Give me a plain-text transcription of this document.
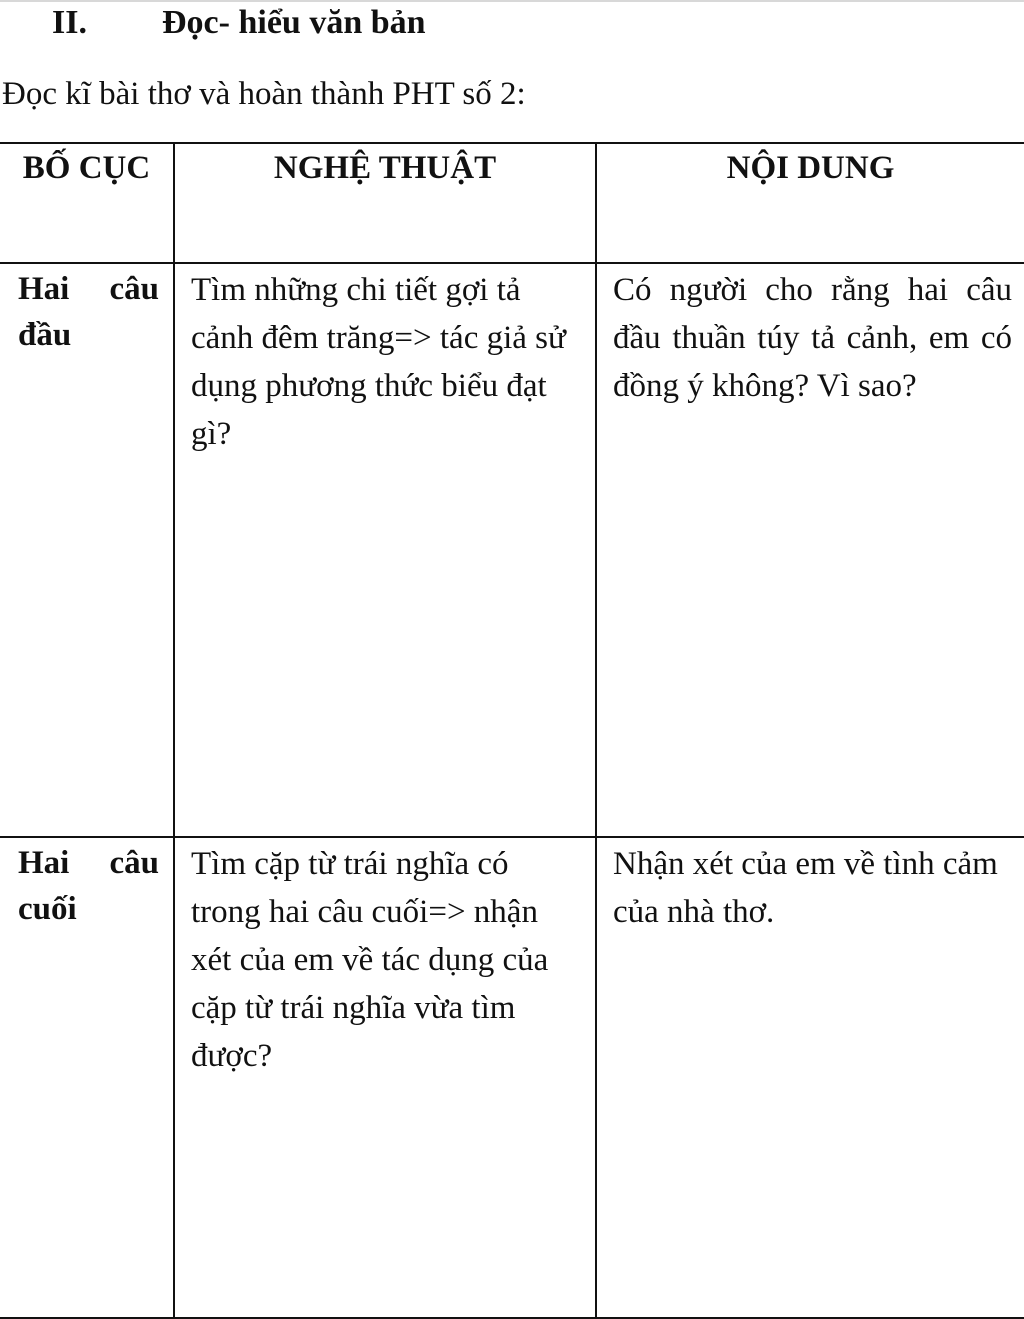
II. Đọc- hiểu văn bản
Đọc kĩ bài thơ và hoàn thành PHT số 2:
BỐ CỤC	NGHỆ THUẬT	NỘI DUNG

Hai câu đầu	Tìm những chi tiết gợi tả cảnh đêm trăng=> tác giả sử dụng phương thức biểu đạt gì?	Có người cho rằng hai câu đầu thuần túy tả cảnh, em có đồng ý không? Vì sao?

Hai câu cuối	Tìm cặp từ trái nghĩa có trong hai câu cuối=> nhận xét của em về tác dụng của cặp từ trái nghĩa vừa tìm được?	Nhận xét của em về tình cảm của nhà thơ.
